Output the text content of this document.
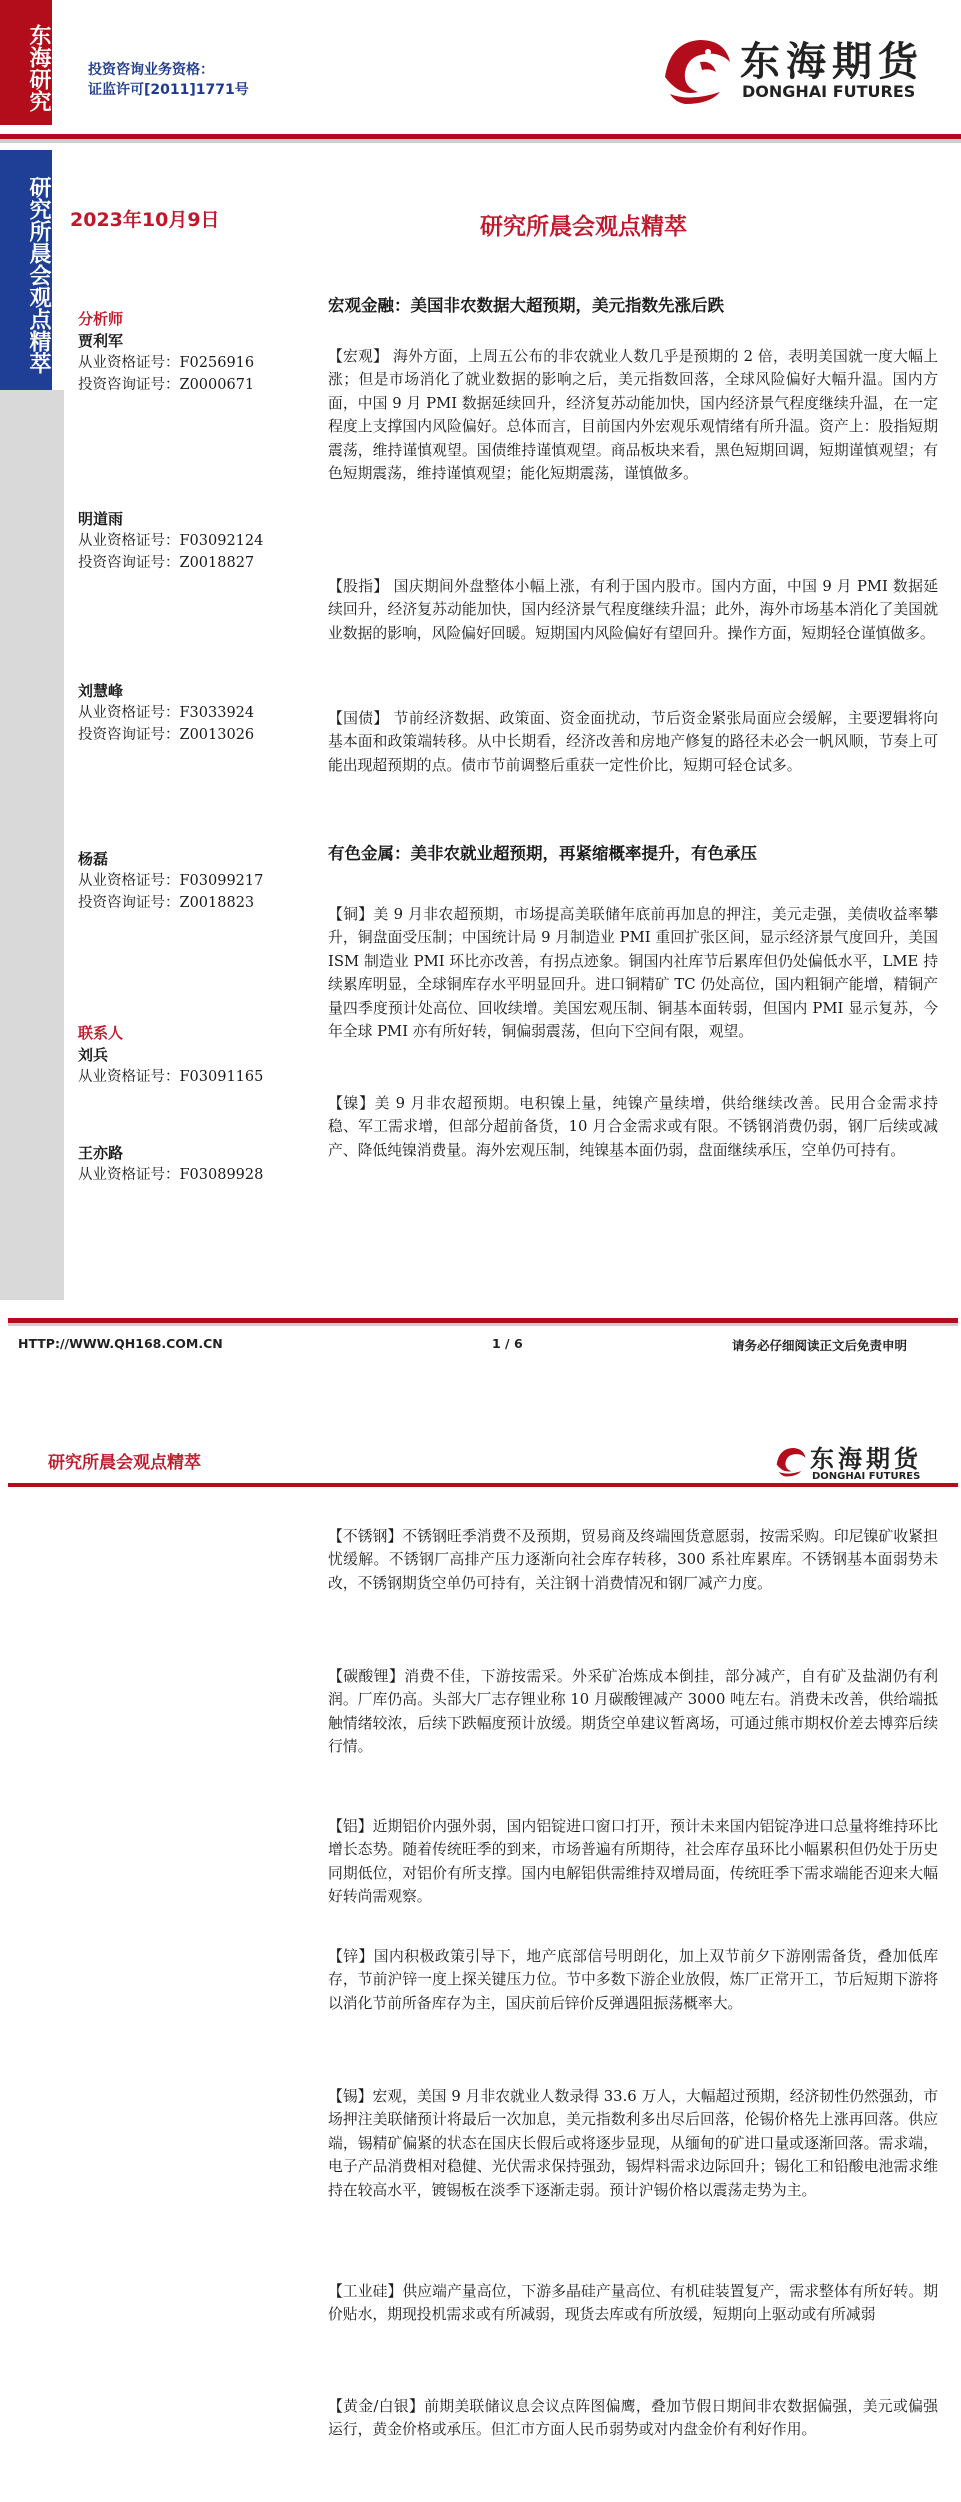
东海研究	投资咨询业务资格：
证监许可[2011]1771号
东海期货
DONGHAI FUTURES
研究所晨会观点精萃 2023年10月9日	研究所晨会观点精萃
分析师
贾利军
从业资格证号：F0256916
投资咨询证号：Z0000671
明道雨
从业资格证号：F03092124
投资咨询证号：Z0018827
刘慧峰
从业资格证号：F3033924
投资咨询证号：Z0013026
杨磊
从业资格证号：F03099217
投资咨询证号：Z0018823
联系人
刘兵
从业资格证号：F03091165
王亦路
从业资格证号：F03089928
宏观金融：美国非农数据大超预期，美元指数先涨后跌

【宏观】 海外方面，上周五公布的非农就业人数几乎是预期的 2 倍，表明美国就一度大幅上涨；但是市场消化了就业数据的影响之后，美元指数回落，全球风险偏好大幅升温。国内方面，中国 9 月 PMI 数据延续回升，经济复苏动能加快，国内经济景气程度继续升温，在一定程度上支撑国内风险偏好。总体而言，目前国内外宏观乐观情绪有所升温。资产上：股指短期震荡，维持谨慎观望。国债维持谨慎观望。商品板块来看，黑色短期回调，短期谨慎观望；有色短期震荡，维持谨慎观望；能化短期震荡，谨慎做多。

【股指】 国庆期间外盘整体小幅上涨，有利于国内股市。国内方面，中国 9 月 PMI 数据延续回升，经济复苏动能加快，国内经济景气程度继续升温；此外，海外市场基本消化了美国就业数据的影响，风险偏好回暖。短期国内风险偏好有望回升。操作方面，短期轻仓谨慎做多。

【国债】 节前经济数据、政策面、资金面扰动，节后资金紧张局面应会缓解，主要逻辑将向基本面和政策端转移。从中长期看，经济改善和房地产修复的路径未必会一帆风顺，节奏上可能出现超预期的点。债市节前调整后重获一定性价比，短期可轻仓试多。

有色金属：美非农就业超预期，再紧缩概率提升，有色承压

【铜】美 9 月非农超预期，市场提高美联储年底前再加息的押注，美元走强，美债收益率攀升，铜盘面受压制；中国统计局 9 月制造业 PMI 重回扩张区间，显示经济景气度回升，美国 ISM 制造业 PMI 环比亦改善，有拐点迹象。铜国内社库节后累库但仍处偏低水平，LME 持续累库明显，全球铜库存水平明显回升。进口铜精矿 TC 仍处高位，国内粗铜产能增，精铜产量四季度预计处高位、回收续增。美国宏观压制、铜基本面转弱，但国内 PMI 显示复苏，今年全球 PMI 亦有所好转，铜偏弱震荡，但向下空间有限，观望。

【镍】美 9 月非农超预期。电积镍上量，纯镍产量续增，供给继续改善。民用合金需求持稳、军工需求增，但部分超前备货，10 月合金需求或有限。不锈钢消费仍弱，钢厂后续或减产、降低纯镍消费量。海外宏观压制，纯镍基本面仍弱，盘面继续承压，空单仍可持有。

HTTP://WWW.QH168.COM.CN	1 / 6	请务必仔细阅读正文后免责申明
研究所晨会观点精萃	东海期货
DONGHAI FUTURES

【不锈钢】不锈钢旺季消费不及预期，贸易商及终端囤货意愿弱，按需采购。印尼镍矿收紧担忧缓解。不锈钢厂高排产压力逐渐向社会库存转移，300 系社库累库。不锈钢基本面弱势未改，不锈钢期货空单仍可持有，关注钢十消费情况和钢厂减产力度。

【碳酸锂】消费不佳，下游按需采。外采矿冶炼成本倒挂，部分减产，自有矿及盐湖仍有利润。厂库仍高。头部大厂志存锂业称 10 月碳酸锂减产 3000 吨左右。消费未改善，供给端抵触情绪较浓，后续下跌幅度预计放缓。期货空单建议暂离场，可通过熊市期权价差去博弈后续行情。

【铝】近期铝价内强外弱，国内铝锭进口窗口打开，预计未来国内铝锭净进口总量将维持环比增长态势。随着传统旺季的到来，市场普遍有所期待，社会库存虽环比小幅累积但仍处于历史同期低位，对铝价有所支撑。国内电解铝供需维持双增局面，传统旺季下需求端能否迎来大幅好转尚需观察。

【锌】国内积极政策引导下，地产底部信号明朗化，加上双节前夕下游刚需备货，叠加低库存，节前沪锌一度上探关键压力位。节中多数下游企业放假，炼厂正常开工，节后短期下游将以消化节前所备库存为主，国庆前后锌价反弹遇阻振荡概率大。

【锡】宏观，美国 9 月非农就业人数录得 33.6 万人，大幅超过预期，经济韧性仍然强劲，市场押注美联储预计将最后一次加息，美元指数利多出尽后回落，伦锡价格先上涨再回落。供应端，锡精矿偏紧的状态在国庆长假后或将逐步显现，从缅甸的矿进口量或逐渐回落。需求端，电子产品消费相对稳健、光伏需求保持强劲，锡焊料需求边际回升；锡化工和铅酸电池需求维持在较高水平，镀锡板在淡季下逐渐走弱。预计沪锡价格以震荡走势为主。

【工业硅】供应端产量高位，下游多晶硅产量高位、有机硅装置复产，需求整体有所好转。期价贴水，期现投机需求或有所减弱，现货去库或有所放缓，短期向上驱动或有所减弱

【黄金/白银】前期美联储议息会议点阵图偏鹰，叠加节假日期间非农数据偏强，美元或偏强运行，黄金价格或承压。但汇市方面人民币弱势或对内盘金价有利好作用。
